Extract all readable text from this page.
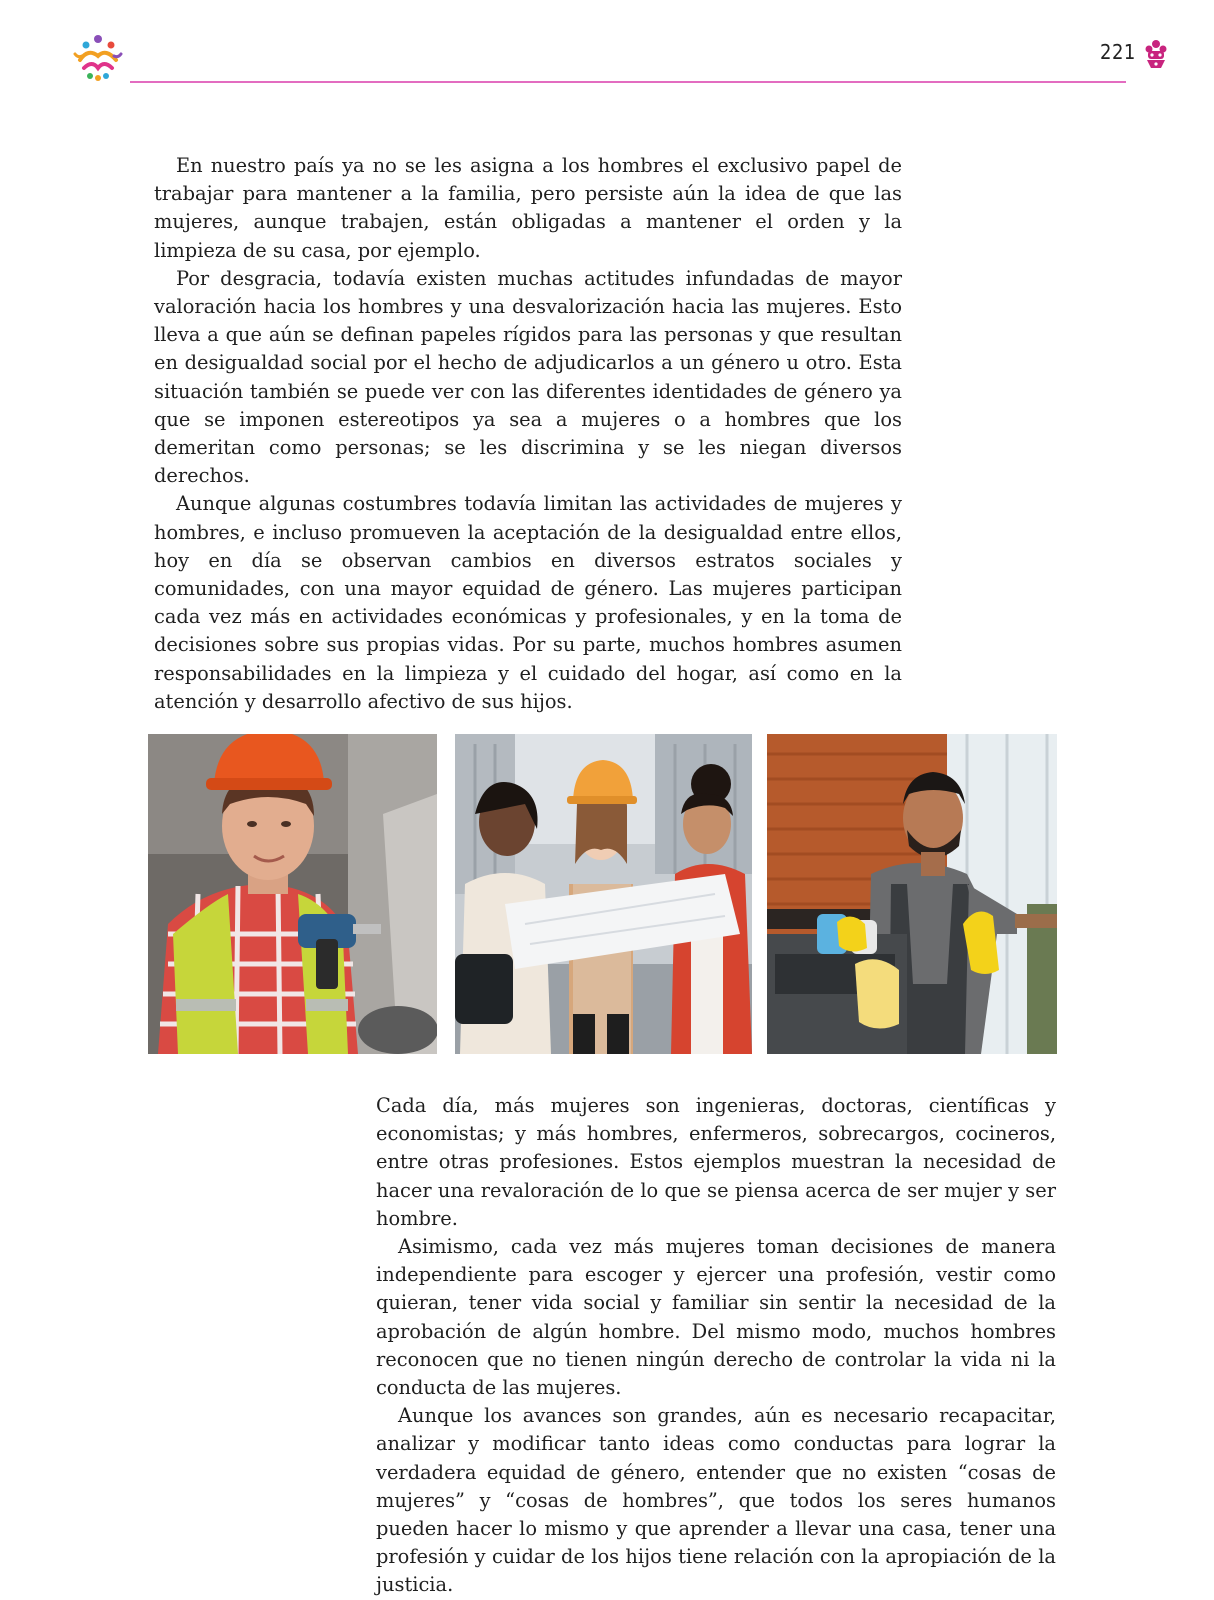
221

En nuestro país ya no se les asigna a los hombres el exclusivo papel de trabajar para mantener a la familia, pero persiste aún la idea de que las mujeres, aunque trabajen, están obligadas a mantener el orden y la limpieza de su casa, por ejemplo.

Por desgracia, todavía existen muchas actitudes infundadas de mayor valoración hacia los hombres y una desvalorización hacia las mujeres. Esto lleva a que aún se definan papeles rígidos para las personas y que resultan en desigualdad social por el hecho de adjudicarlos a un género u otro. Esta situación también se puede ver con las diferentes identidades de género ya que se imponen estereotipos ya sea a mujeres o a hombres que los demeritan como personas; se les discrimina y se les niegan diversos derechos.

Aunque algunas costumbres todavía limitan las actividades de mujeres y hombres, e incluso promueven la aceptación de la desigualdad entre ellos, hoy en día se observan cambios en diversos estratos sociales y comunidades, con una mayor equidad de género. Las mujeres participan cada vez más en actividades económicas y profesionales, y en la toma de decisiones sobre sus propias vidas. Por su parte, muchos hombres asumen responsabilidades en la limpieza y el cuidado del hogar, así como en la atención y desarrollo afectivo de sus hijos.

Cada día, más mujeres son ingenieras, doctoras, científicas y economistas; y más hombres, enfermeros, sobrecargos, cocineros, entre otras profesiones. Estos ejemplos muestran la necesidad de hacer una revaloración de lo que se piensa acerca de ser mujer y ser hombre.

Asimismo, cada vez más mujeres toman decisiones de manera independiente para escoger y ejercer una profesión, vestir como quieran, tener vida social y familiar sin sentir la necesidad de la aprobación de algún hombre. Del mismo modo, muchos hombres reconocen que no tienen ningún derecho de controlar la vida ni la conducta de las mujeres.

Aunque los avances son grandes, aún es necesario recapacitar, analizar y modificar tanto ideas como conductas para lograr la verdadera equidad de género, entender que no existen “cosas de mujeres” y “cosas de hombres”, que todos los seres humanos pueden hacer lo mismo y que aprender a llevar una casa, tener una profesión y cuidar de los hijos tiene relación con la apropiación de la justicia.
